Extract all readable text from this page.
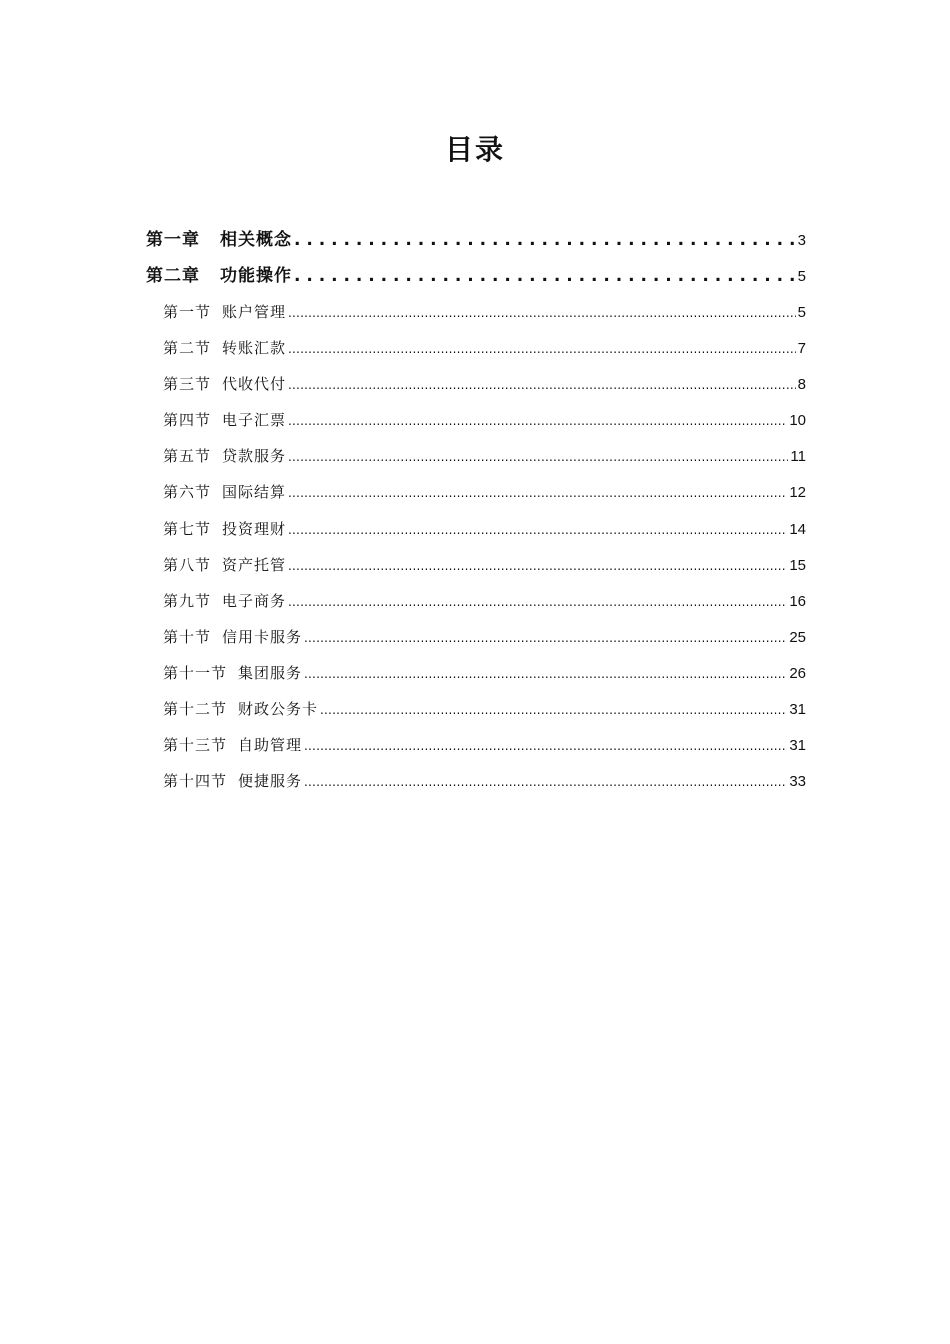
目录
第一章 相关概念 . . .	3
第二章 功能操作 . . .	5
第一节 账户管理 .....	5
第二节 转账汇款 .....	7
第三节 代收代付 .....	8
第四节 电子汇票 .....	10
第五节 贷款服务 .....	11
第六节 国际结算 .....	12
第七节 投资理财 .....	14
第八节 资产托管 .....	15
第九节 电子商务 .....	16
第十节 信用卡服务 .....	25
第十一节 集团服务 .....	26
第十二节 财政公务卡 .....	31
第十三节 自助管理 .....	31
第十四节 便捷服务 .....	33
